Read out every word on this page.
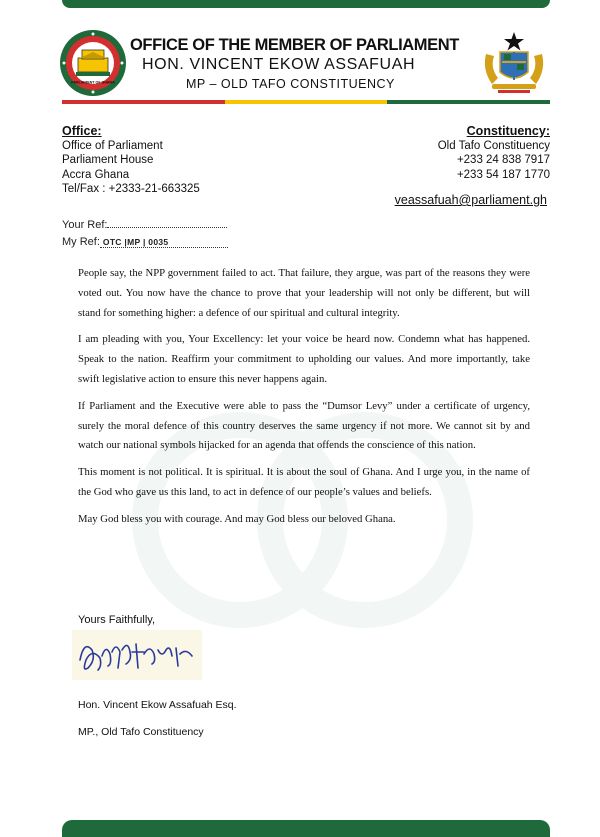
PARLIAMENT OF GHANA
OFFICE OF THE MEMBER OF PARLIAMENT
HON. VINCENT EKOW ASSAFUAH
MP – OLD TAFO CONSTITUENCY
Office:
Office of Parliament
Parliament House
Accra Ghana
Tel/Fax : +2333-21-663325
Constituency:
Old Tafo Constituency
+233 24 838 7917
+233 54 187 1770
veassafuah@parliament.gh
Your Ref:
My Ref: OTC |MP | 0035

People say, the NPP government failed to act. That failure, they argue, was part of the reasons they were voted out. You now have the chance to prove that your leadership will not only be different, but will stand for something higher: a defence of our spiritual and cultural integrity.

I am pleading with you, Your Excellency: let your voice be heard now. Condemn what has happened. Speak to the nation. Reaffirm your commitment to upholding our values. And more importantly, take swift legislative action to ensure this never happens again.

If Parliament and the Executive were able to pass the “Dumsor Levy” under a certificate of urgency, surely the moral defence of this country deserves the same urgency if not more. We cannot sit by and watch our national symbols hijacked for an agenda that offends the conscience of this nation.

This moment is not political. It is spiritual. It is about the soul of Ghana. And I urge you, in the name of the God who gave us this land, to act in defence of our people’s values and beliefs.

May God bless you with courage. And may God bless our beloved Ghana.

Yours Faithfully,
Hon. Vincent Ekow Assafuah Esq.
MP., Old Tafo Constituency
